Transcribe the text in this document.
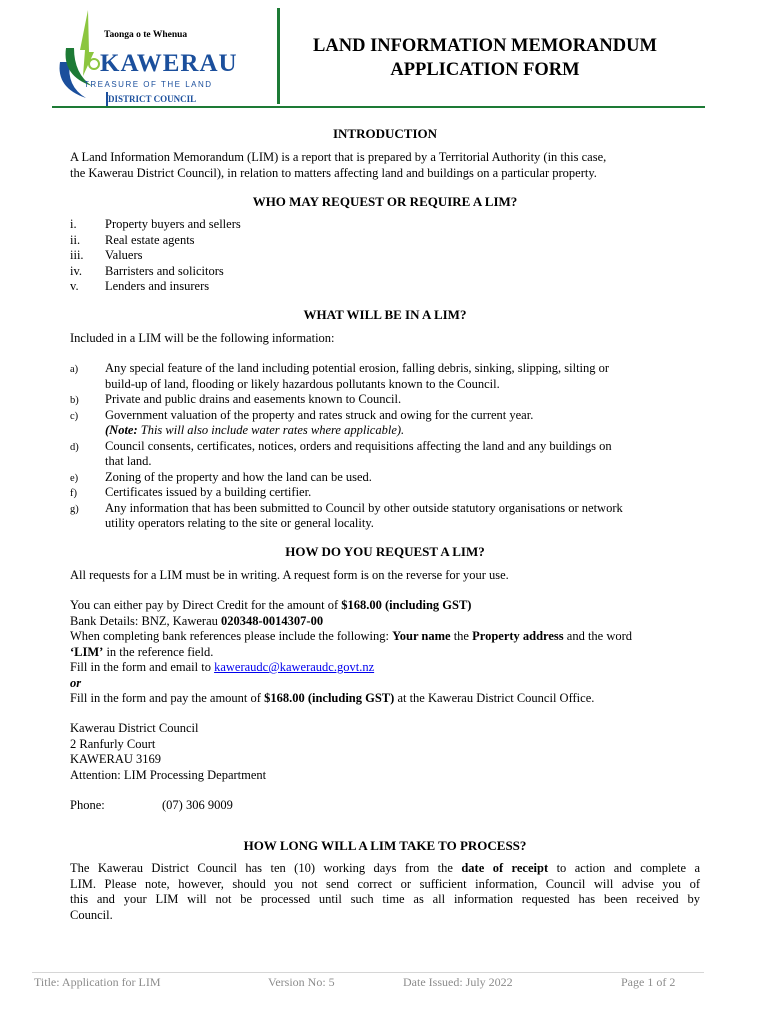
Taonga o te Whenua
KAWERAU
TREASURE OF THE LAND
DISTRICT COUNCIL
LAND INFORMATION MEMORANDUM
APPLICATION FORM
INTRODUCTION
A Land Information Memorandum (LIM) is a report that is prepared by a Territorial Authority (in this case,
the Kawerau District Council), in relation to matters affecting land and buildings on a particular property.
WHO MAY REQUEST OR REQUIRE A LIM?
i. Property buyers and sellers
ii. Real estate agents
iii. Valuers
iv. Barristers and solicitors
v. Lenders and insurers
WHAT WILL BE IN A LIM?
Included in a LIM will be the following information:
a) Any special feature of the land including potential erosion, falling debris, sinking, slipping, silting or
build-up of land, flooding or likely hazardous pollutants known to the Council.
b) Private and public drains and easements known to Council.
c) Government valuation of the property and rates struck and owing for the current year.
(Note: This will also include water rates where applicable).
d) Council consents, certificates, notices, orders and requisitions affecting the land and any buildings on
that land.
e) Zoning of the property and how the land can be used.
f) Certificates issued by a building certifier.
g) Any information that has been submitted to Council by other outside statutory organisations or network
utility operators relating to the site or general locality.
HOW DO YOU REQUEST A LIM?
All requests for a LIM must be in writing. A request form is on the reverse for your use.
You can either pay by Direct Credit for the amount of $168.00 (including GST)
Bank Details: BNZ, Kawerau 020348-0014307-00
When completing bank references please include the following: Your name the Property address and the word
‘LIM’ in the reference field.
Fill in the form and email to kaweraudc@kaweraudc.govt.nz
or
Fill in the form and pay the amount of $168.00 (including GST) at the Kawerau District Council Office.
Kawerau District Council
2 Ranfurly Court
KAWERAU 3169
Attention: LIM Processing Department
Phone:	(07) 306 9009
HOW LONG WILL A LIM TAKE TO PROCESS?
The Kawerau District Council has ten (10) working days from the date of receipt to action and complete a
LIM. Please note, however, should you not send correct or sufficient information, Council will advise you of
this and your LIM will not be processed until such time as all information requested has been received by
Council.
Title: Application for LIM	Version No: 5	Date Issued: July 2022	Page 1 of 2
